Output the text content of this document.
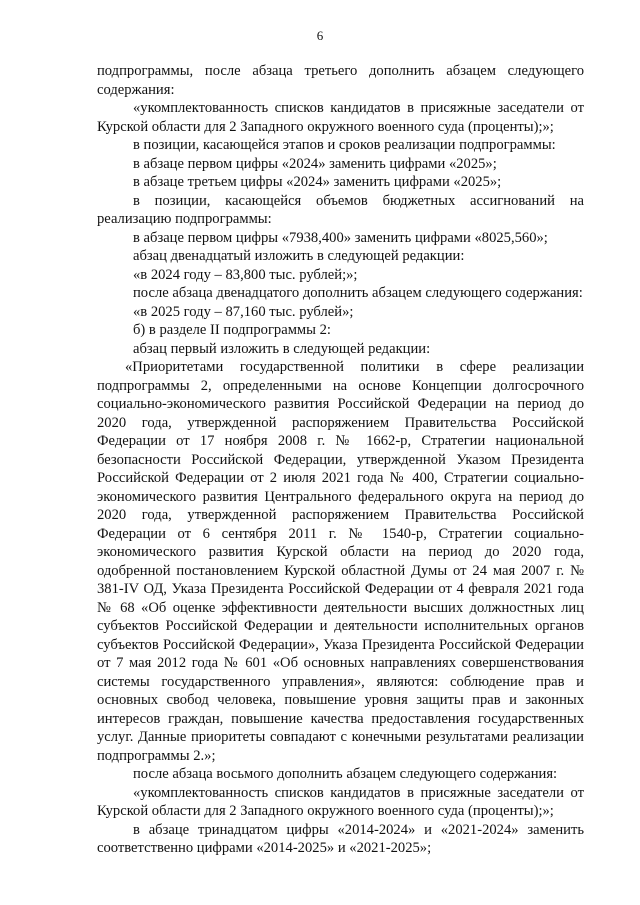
6

подпрограммы, после абзаца третьего дополнить абзацем следующего содержания:

«укомплектованность списков кандидатов в присяжные заседатели от Курской области для 2 Западного окружного военного суда (проценты);»;

в позиции, касающейся этапов и сроков реализации подпрограммы:

в абзаце первом цифры «2024» заменить цифрами «2025»;

в абзаце третьем цифры «2024» заменить цифрами «2025»;

в позиции, касающейся объемов бюджетных ассигнований на реализацию подпрограммы:

в абзаце первом цифры «7938,400» заменить цифрами «8025,560»;

абзац двенадцатый изложить в следующей редакции:

«в 2024 году – 83,800 тыс. рублей;»;

после абзаца двенадцатого дополнить абзацем следующего содержания:

«в 2025 году – 87,160 тыс. рублей»;

б) в разделе II подпрограммы 2:

абзац первый изложить в следующей редакции:

«Приоритетами государственной политики в сфере реализации подпрограммы 2, определенными на основе Концепции долгосрочного социально-экономического развития Российской Федерации на период до 2020 года, утвержденной распоряжением Правительства Российской Федерации от 17 ноября 2008 г. № 1662-р, Стратегии национальной безопасности Российской Федерации, утвержденной Указом Президента Российской Федерации от 2 июля 2021 года № 400, Стратегии социально-экономического развития Центрального федерального округа на период до 2020 года, утвержденной распоряжением Правительства Российской Федерации от 6 сентября 2011 г. № 1540-р, Стратегии социально-экономического развития Курской области на период до 2020 года, одобренной постановлением Курской областной Думы от 24 мая 2007 г. № 381-IV ОД, Указа Президента Российской Федерации от 4 февраля 2021 года № 68 «Об оценке эффективности деятельности высших должностных лиц субъектов Российской Федерации и деятельности исполнительных органов субъектов Российской Федерации», Указа Президента Российской Федерации от 7 мая 2012 года № 601 «Об основных направлениях совершенствования системы государственного управления», являются: соблюдение прав и основных свобод человека, повышение уровня защиты прав и законных интересов граждан, повышение качества предоставления государственных услуг. Данные приоритеты совпадают с конечными результатами реализации подпрограммы 2.»;

после абзаца восьмого дополнить абзацем следующего содержания:

«укомплектованность списков кандидатов в присяжные заседатели от Курской области для 2 Западного окружного военного суда (проценты);»;

в абзаце тринадцатом цифры «2014-2024» и «2021-2024» заменить соответственно цифрами «2014-2025» и «2021-2025»;
